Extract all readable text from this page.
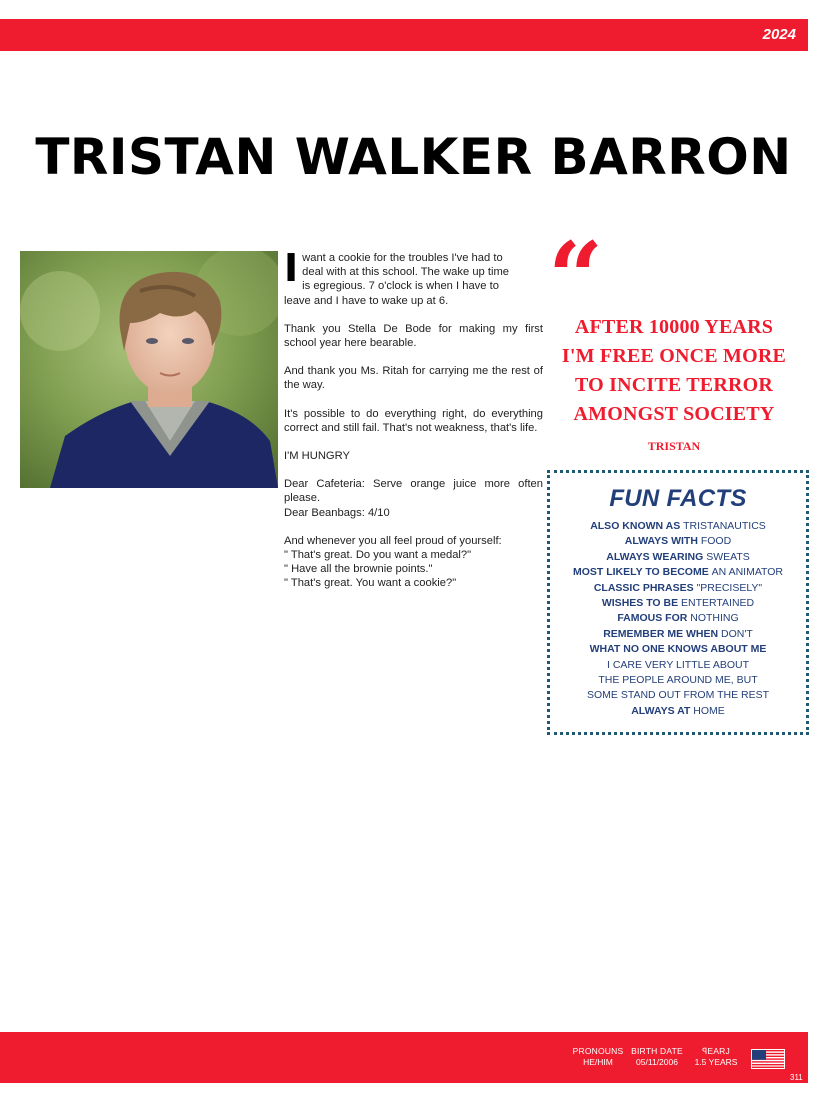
2024
TRISTAN WALKER BARRON

I want a cookie for the troubles I've had to
deal with at this school. The wake up time
is egregious. 7 o'clock is when I have to
leave and I have to wake up at 6.

Thank you Stella De Bode for making my first school year here bearable.

And thank you Ms. Ritah for carrying me the rest of the way.

It's possible to do everything right, do everything correct and still fail. That's not weakness, that's life.

I'M HUNGRY

Dear Cafeteria: Serve orange juice more often please.

Dear Beanbags: 4/10

And whenever you all feel proud of yourself:

" That's great. Do you want a medal?"

" Have all the brownie points."

" That's great. You want a cookie?"

“
AFTER 10000 YEARS
I'M FREE ONCE MORE
TO INCITE TERROR
AMONGST SOCIETY
TRISTAN
FUN FACTS
ALSO KNOWN AS TRISTANAUTICS
ALWAYS WITH FOOD
ALWAYS WEARING SWEATS
MOST LIKELY TO BECOME AN ANIMATOR
CLASSIC PHRASES "PRECISELY"
WISHES TO BE ENTERTAINED
FAMOUS FOR NOTHING
REMEMBER ME WHEN DON'T
WHAT NO ONE KNOWS ABOUT ME
I CARE VERY LITTLE ABOUT
THE PEOPLE AROUND ME, BUT
SOME STAND OUT FROM THE REST
ALWAYS AT HOME
PRONOUNS
HE/HIM
BIRTH DATE
05/11/2006
ꟼEARJ
1.5 YEARS
311
